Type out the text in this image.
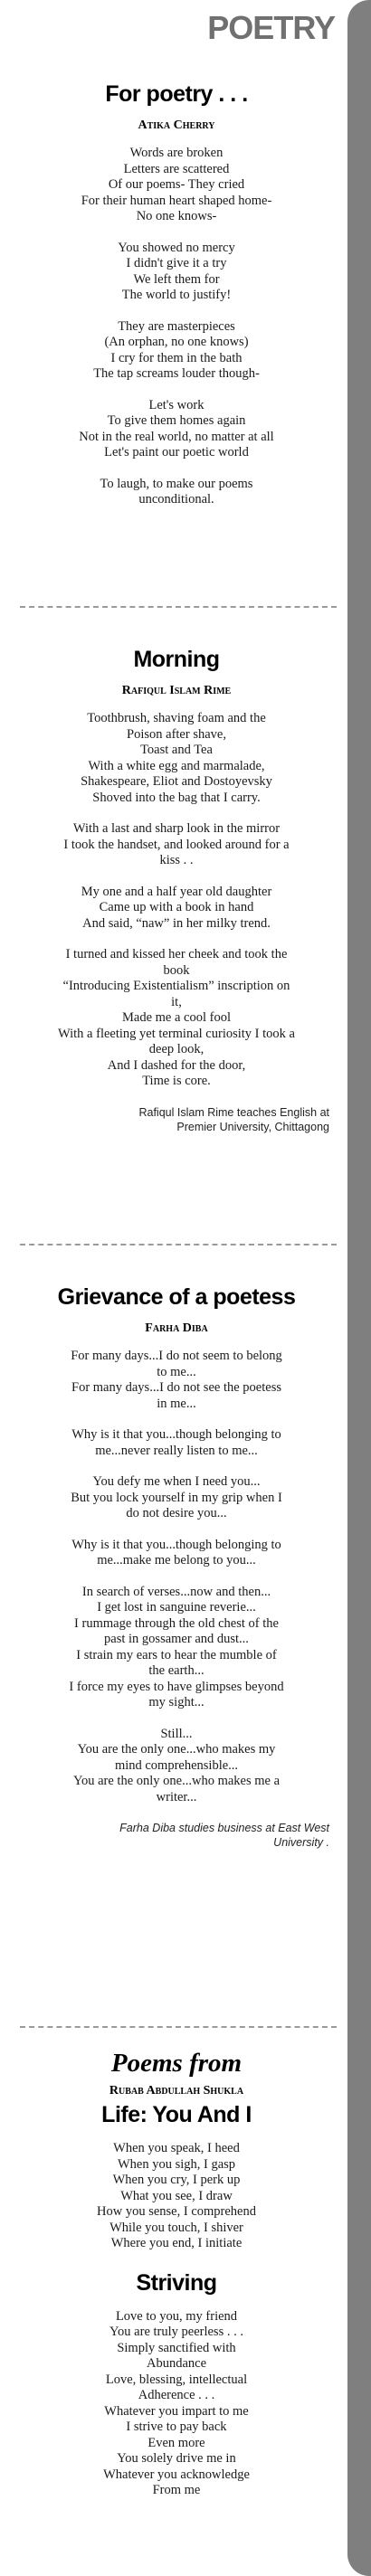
POETRY
For poetry . . .
Atika Cherry
Words are broken
Letters are scattered
Of our poems- They cried
For their human heart shaped home-
No one knows-
You showed no mercy
I didn't give it a try
We left them for
The world to justify!
They are masterpieces
(An orphan, no one knows)
I cry for them in the bath
The tap screams louder though-
Let's work
To give them homes again
Not in the real world, no matter at all
Let's paint our poetic world
To laugh, to make our poems
unconditional.
Morning
Rafiqul Islam Rime
Toothbrush, shaving foam and the
Poison after shave,
Toast and Tea
With a white egg and marmalade,
Shakespeare, Eliot and Dostoyevsky
Shoved into the bag that I carry.
With a last and sharp look in the mirror
I took the handset, and looked around for a
kiss . .
My one and a half year old daughter
Came up with a book in hand
And said, “naw” in her milky trend.
I turned and kissed her cheek and took the
book
“Introducing Existentialism” inscription on
it,
Made me a cool fool
With a fleeting yet terminal curiosity I took a
deep look,
And I dashed for the door,
Time is core.
Rafiqul Islam Rime teaches English at
Premier University, Chittagong
Grievance of a poetess
Farha Diba
For many days...I do not seem to belong
to me...
For many days...I do not see the poetess
in me...
Why is it that you...though belonging to
me...never really listen to me...
You defy me when I need you...
But you lock yourself in my grip when I
do not desire you...
Why is it that you...though belonging to
me...make me belong to you...
In search of verses...now and then...
I get lost in sanguine reverie...
I rummage through the old chest of the
past in gossamer and dust...
I strain my ears to hear the mumble of
the earth...
I force my eyes to have glimpses beyond
my sight...
Still...
You are the only one...who makes my
mind comprehensible...
You are the only one...who makes me a
writer...
Farha Diba studies business at East West
University .
Poems from
Rubab Abdullah Shukla
Life: You And I
When you speak, I heed
When you sigh, I gasp
When you cry, I perk up
What you see, I draw
How you sense, I comprehend
While you touch, I shiver
Where you end, I initiate
Striving
Love to you, my friend
You are truly peerless . . .
Simply sanctified with
Abundance
Love, blessing, intellectual
Adherence . . .
Whatever you impart to me
I strive to pay back
Even more
You solely drive me in
Whatever you acknowledge
From me
